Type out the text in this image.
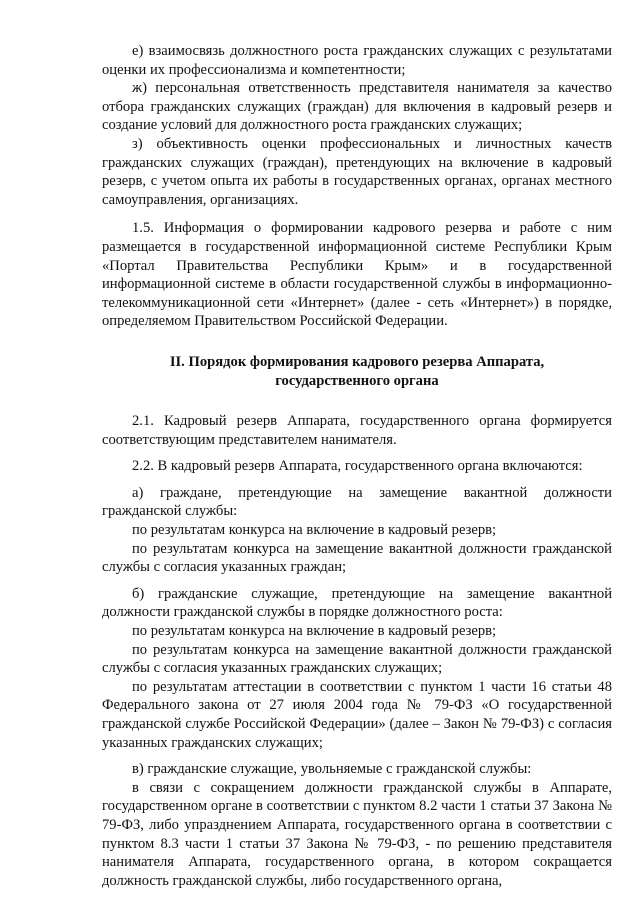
е) взаимосвязь должностного роста гражданских служащих с результатами оценки их профессионализма и компетентности;

ж) персональная ответственность представителя нанимателя за качество отбора гражданских служащих (граждан) для включения в кадровый резерв и создание условий для должностного роста гражданских служащих;

з) объективность оценки профессиональных и личностных качеств гражданских служащих (граждан), претендующих на включение в кадровый резерв, с учетом опыта их работы в государственных органах, органах местного самоуправления, организациях.

1.5. Информация о формировании кадрового резерва и работе с ним размещается в государственной информационной системе Республики Крым «Портал Правительства Республики Крым» и в государственной информационной системе в области государственной службы в информационно-телекоммуникационной сети «Интернет» (далее - сеть «Интернет») в порядке, определяемом Правительством Российской Федерации.

II. Порядок формирования кадрового резерва Аппарата,
государственного органа

2.1. Кадровый резерв Аппарата, государственного органа формируется соответствующим представителем нанимателя.

2.2. В кадровый резерв Аппарата, государственного органа включаются:

а) граждане, претендующие на замещение вакантной должности гражданской службы:

по результатам конкурса на включение в кадровый резерв;

по результатам конкурса на замещение вакантной должности гражданской службы с согласия указанных граждан;

б) гражданские служащие, претендующие на замещение вакантной должности гражданской службы в порядке должностного роста:

по результатам конкурса на включение в кадровый резерв;

по результатам конкурса на замещение вакантной должности гражданской службы с согласия указанных гражданских служащих;

по результатам аттестации в соответствии с пунктом 1 части 16 статьи 48 Федерального закона от 27 июля 2004 года № 79-ФЗ «О государственной гражданской службе Российской Федерации» (далее – Закон № 79-ФЗ) с согласия указанных гражданских служащих;

в) гражданские служащие, увольняемые с гражданской службы:

в связи с сокращением должности гражданской службы в Аппарате, государственном органе в соответствии с пунктом 8.2 части 1 статьи 37 Закона № 79-ФЗ, либо упразднением Аппарата, государственного органа в соответствии с пунктом 8.3 части 1 статьи 37 Закона № 79-ФЗ, - по решению представителя нанимателя Аппарата, государственного органа, в котором сокращается должность гражданской службы, либо государственного органа,
